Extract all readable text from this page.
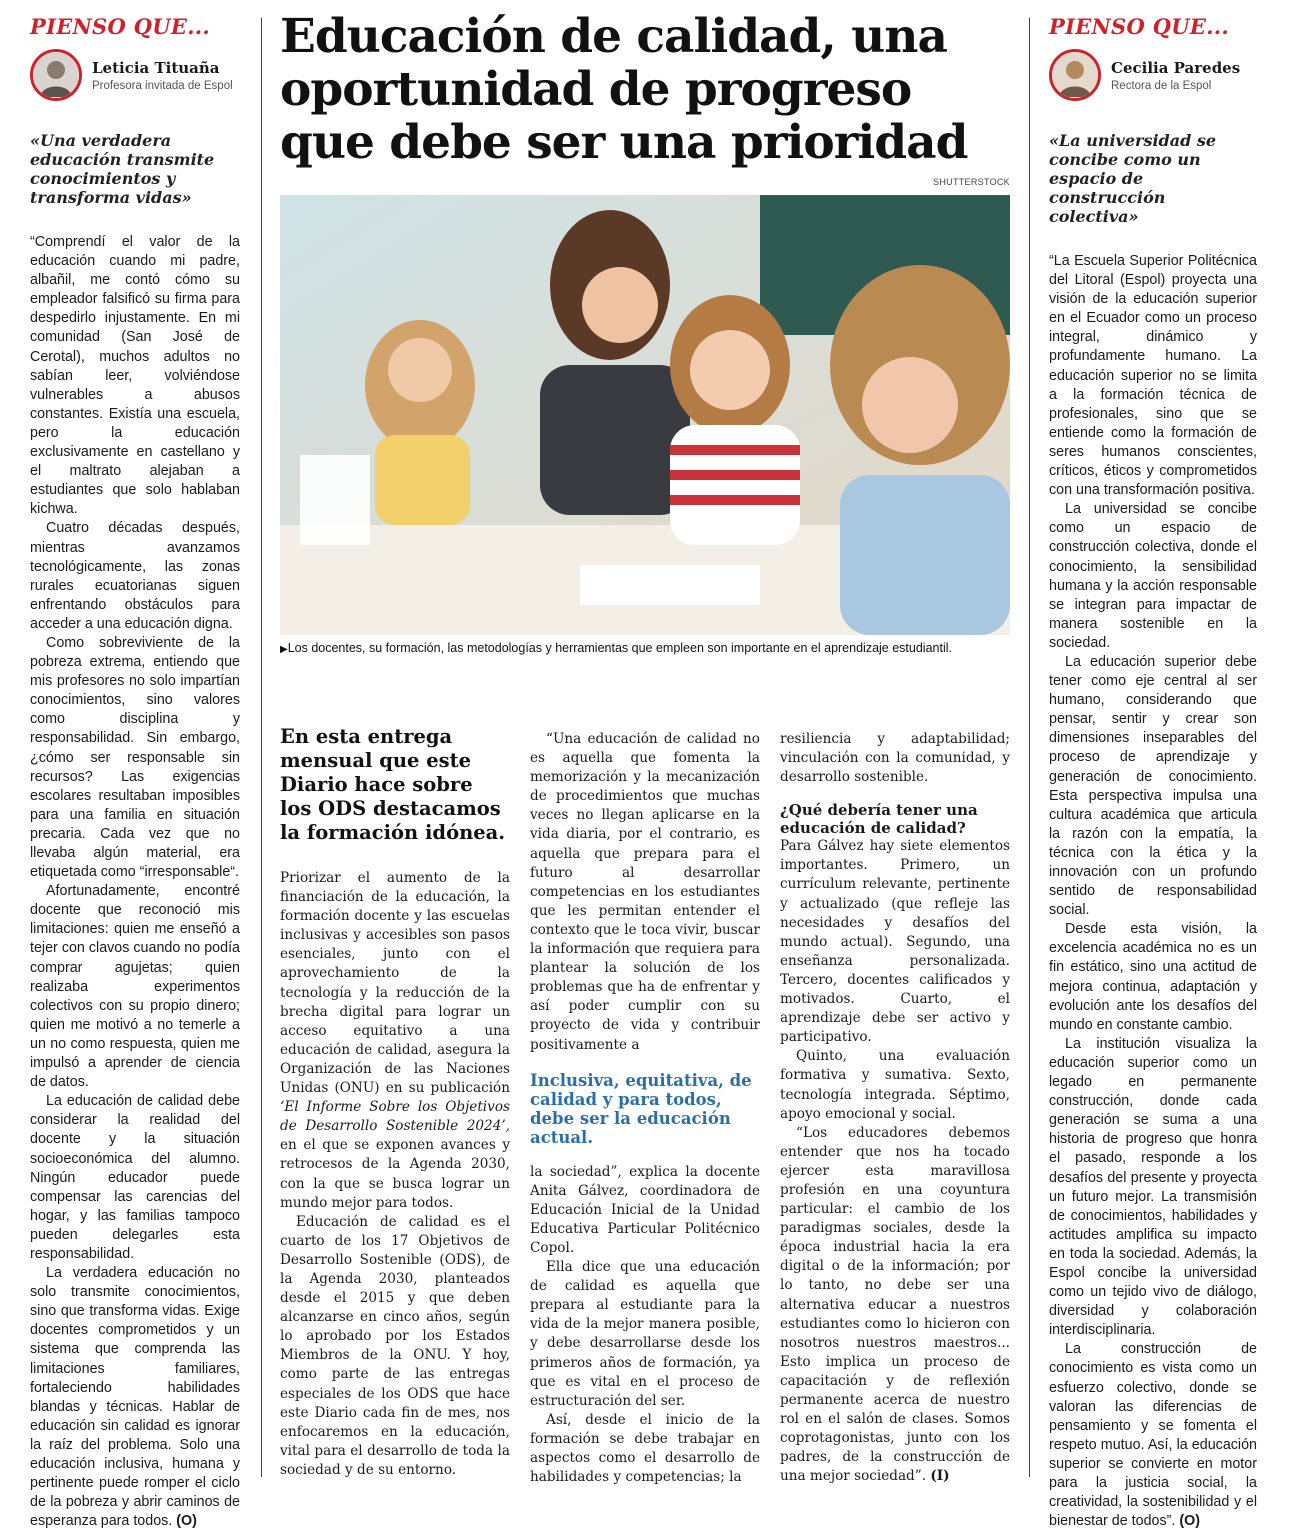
PIENSO QUE...
Leticia Tituaña
Profesora invitada de Espol
«Una verdadera educación transmite conocimientos y transforma vidas»

“Comprendí el valor de la educación cuando mi padre, albañil, me contó cómo su empleador falsificó su firma para despedirlo injustamente. En mi comunidad (San José de Cerotal), muchos adultos no sabían leer, volviéndose vulnerables a abusos constantes. Existía una escuela, pero la educación exclusivamente en castellano y el maltrato alejaban a estudiantes que solo hablaban kichwa.

Cuatro décadas después, mientras avanzamos tecnológicamente, las zonas rurales ecuatorianas siguen enfrentando obstáculos para acceder a una educación digna.

Como sobreviviente de la pobreza extrema, entiendo que mis profesores no solo impartían conocimientos, sino valores como disciplina y responsabilidad. Sin embargo, ¿cómo ser responsable sin recursos? Las exigencias escolares resultaban imposibles para una familia en situación precaria. Cada vez que no llevaba algún material, era etiquetada como “irresponsable“.

Afortunadamente, encontré docente que reconoció mis limitaciones: quien me enseñó a tejer con clavos cuando no podía comprar agujetas; quien realizaba experimentos colectivos con su propio dinero; quien me motivó a no temerle a un no como respuesta, quien me impulsó a aprender de ciencia de datos.

La educación de calidad debe considerar la realidad del docente y la situación socioeconómica del alumno. Ningún educador puede compensar las carencias del hogar, y las familias tampoco pueden delegarles esta responsabilidad.

La verdadera educación no solo transmite conocimientos, sino que transforma vidas. Exige docentes comprometidos y un sistema que comprenda las limitaciones familiares, fortaleciendo habilidades blandas y técnicas. Hablar de educación sin calidad es ignorar la raíz del problema. Solo una educación inclusiva, humana y pertinente puede romper el ciclo de la pobreza y abrir caminos de esperanza para todos. (O)

Educación de calidad, una oportunidad de progreso que debe ser una prioridad
SHUTTERSTOCK
▶Los docentes, su formación, las metodologías y herramientas que empleen son importante en el aprendizaje estudiantil.
En esta entrega mensual que este Diario hace sobre los ODS destacamos la formación idónea.

Priorizar el aumento de la financiación de la educación, la formación docente y las escuelas inclusivas y accesibles son pasos esenciales, junto con el aprovechamiento de la tecnología y la reducción de la brecha digital para lograr un acceso equitativo a una educación de calidad, asegura la Organización de las Naciones Unidas (ONU) en su publicación ‘El Informe Sobre los Objetivos de Desarrollo Sostenible 2024’, en el que se exponen avances y retrocesos de la Agenda 2030, con la que se busca lograr un mundo mejor para todos.

Educación de calidad es el cuarto de los 17 Objetivos de Desarrollo Sostenible (ODS), de la Agenda 2030, planteados desde el 2015 y que deben alcanzarse en cinco años, según lo aprobado por los Estados Miembros de la ONU. Y hoy, como parte de las entregas especiales de los ODS que hace este Diario cada fin de mes, nos enfocaremos en la educación, vital para el desarrollo de toda la sociedad y de su entorno.

“Una educación de calidad no es aquella que fomenta la memorización y la mecanización de procedimientos que muchas veces no llegan aplicarse en la vida diaria, por el contrario, es aquella que prepara para el futuro al desarrollar competencias en los estudiantes que les permitan entender el contexto que le toca vivir, buscar la información que requiera para plantear la solución de los problemas que ha de enfrentar y así poder cumplir con su proyecto de vida y contribuir positivamente a

Inclusiva, equitativa, de calidad y para todos, debe ser la educación actual.

la sociedad”, explica la docente Anita Gálvez, coordinadora de Educación Inicial de la Unidad Educativa Particular Politécnico Copol.

Ella dice que una educación de calidad es aquella que prepara al estudiante para la vida de la mejor manera posible, y debe desarrollarse desde los primeros años de formación, ya que es vital en el proceso de estructuración del ser.

Así, desde el inicio de la formación se debe trabajar en aspectos como el desarrollo de habilidades y competencias; la

resiliencia y adaptabilidad; vinculación con la comunidad, y desarrollo sostenible.

¿Qué debería tener una educación de calidad?

Para Gálvez hay siete elementos importantes. Primero, un currículum relevante, pertinente y actualizado (que refleje las necesidades y desafíos del mundo actual). Segundo, una enseñanza personalizada. Tercero, docentes calificados y motivados. Cuarto, el aprendizaje debe ser activo y participativo.

Quinto, una evaluación formativa y sumativa. Sexto, tecnología integrada. Séptimo, apoyo emocional y social.

“Los educadores debemos entender que nos ha tocado ejercer esta maravillosa profesión en una coyuntura particular: el cambio de los paradigmas sociales, desde la época industrial hacia la era digital o de la información; por lo tanto, no debe ser una alternativa educar a nuestros estudiantes como lo hicieron con nosotros nuestros maestros... Esto implica un proceso de capacitación y de reflexión permanente acerca de nuestro rol en el salón de clases. Somos coprotagonistas, junto con los padres, de la construcción de una mejor sociedad”. (I)

PIENSO QUE...
Cecilia Paredes
Rectora de la Espol
«La universidad se concibe como un espacio de construcción colectiva»

“La Escuela Superior Politécnica del Litoral (Espol) proyecta una visión de la educación superior en el Ecuador como un proceso integral, dinámico y profundamente humano. La educación superior no se limita a la formación técnica de profesionales, sino que se entiende como la formación de seres humanos conscientes, críticos, éticos y comprometidos con una transformación positiva.

La universidad se concibe como un espacio de construcción colectiva, donde el conocimiento, la sensibilidad humana y la acción responsable se integran para impactar de manera sostenible en la sociedad.

La educación superior debe tener como eje central al ser humano, considerando que pensar, sentir y crear son dimensiones inseparables del proceso de aprendizaje y generación de conocimiento. Esta perspectiva impulsa una cultura académica que articula la razón con la empatía, la técnica con la ética y la innovación con un profundo sentido de responsabilidad social.

Desde esta visión, la excelencia académica no es un fin estático, sino una actitud de mejora continua, adaptación y evolución ante los desafíos del mundo en constante cambio.

La institución visualiza la educación superior como un legado en permanente construcción, donde cada generación se suma a una historia de progreso que honra el pasado, responde a los desafíos del presente y proyecta un futuro mejor. La transmisión de conocimientos, habilidades y actitudes amplifica su impacto en toda la sociedad. Además, la Espol concibe la universidad como un tejido vivo de diálogo, diversidad y colaboración interdisciplinaria.

La construcción de conocimiento es vista como un esfuerzo colectivo, donde se valoran las diferencias de pensamiento y se fomenta el respeto mutuo. Así, la educación superior se convierte en motor para la justicia social, la creatividad, la sostenibilidad y el bienestar de todos”. (O)
